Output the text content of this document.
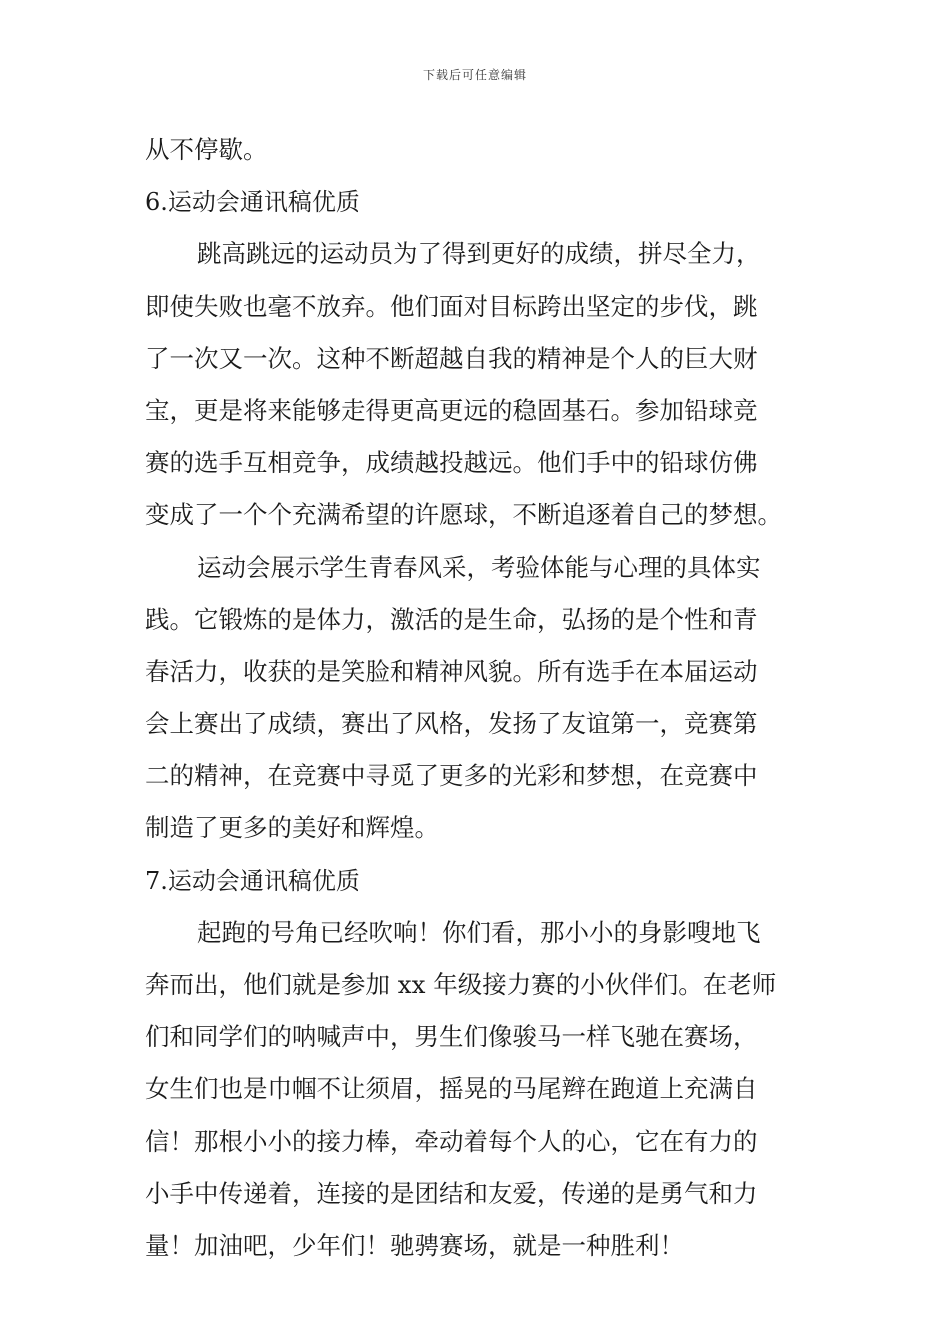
下载后可任意编辑
从不停歇。
6.运动会通讯稿优质
跳高跳远的运动员为了得到更好的成绩，拼尽全力，
即使失败也毫不放弃。他们面对目标跨出坚定的步伐，跳
了一次又一次。这种不断超越自我的精神是个人的巨大财
宝，更是将来能够走得更高更远的稳固基石。参加铅球竞
赛的选手互相竞争，成绩越投越远。他们手中的铅球仿佛
变成了一个个充满希望的许愿球，不断追逐着自己的梦想。
运动会展示学生青春风采，考验体能与心理的具体实
践。它锻炼的是体力，激活的是生命，弘扬的是个性和青
春活力，收获的是笑脸和精神风貌。所有选手在本届运动
会上赛出了成绩，赛出了风格，发扬了友谊第一，竞赛第
二的精神，在竞赛中寻觅了更多的光彩和梦想，在竞赛中
制造了更多的美好和辉煌。
7.运动会通讯稿优质
起跑的号角已经吹响！你们看，那小小的身影嗖地飞
奔而出，他们就是参加 xx 年级接力赛的小伙伴们。在老师
们和同学们的呐喊声中，男生们像骏马一样飞驰在赛场，
女生们也是巾帼不让须眉，摇晃的马尾辫在跑道上充满自
信！那根小小的接力棒，牵动着每个人的心，它在有力的
小手中传递着，连接的是团结和友爱，传递的是勇气和力
量！加油吧，少年们！驰骋赛场，就是一种胜利！
